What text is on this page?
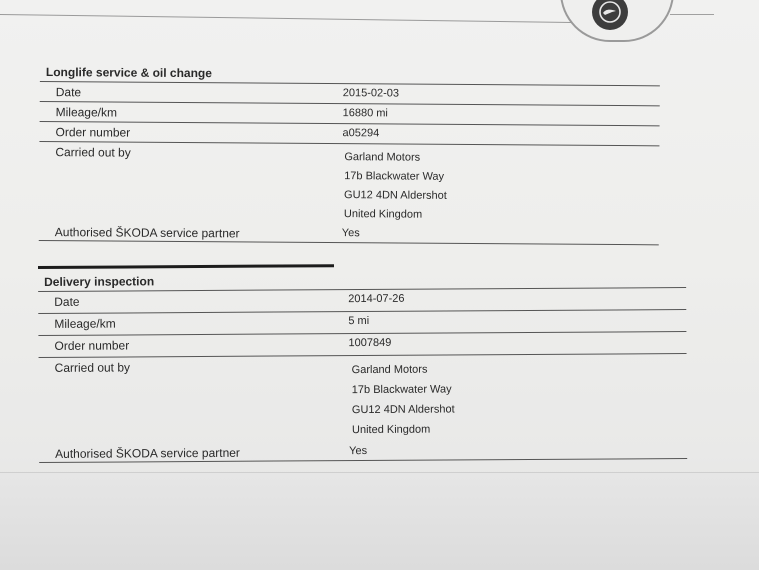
Longlife service & oil change
Date	2015-02-03
Mileage/km	16880 mi
Order number	a05294
Carried out by	Garland Motors
17b Blackwater Way
GU12 4DN Aldershot
United Kingdom
Authorised ŠKODA service partner	Yes
Delivery inspection
Date	2014-07-26
Mileage/km	5 mi
Order number	1007849
Carried out by	Garland Motors
17b Blackwater Way
GU12 4DN Aldershot
United Kingdom
Authorised ŠKODA service partner	Yes
